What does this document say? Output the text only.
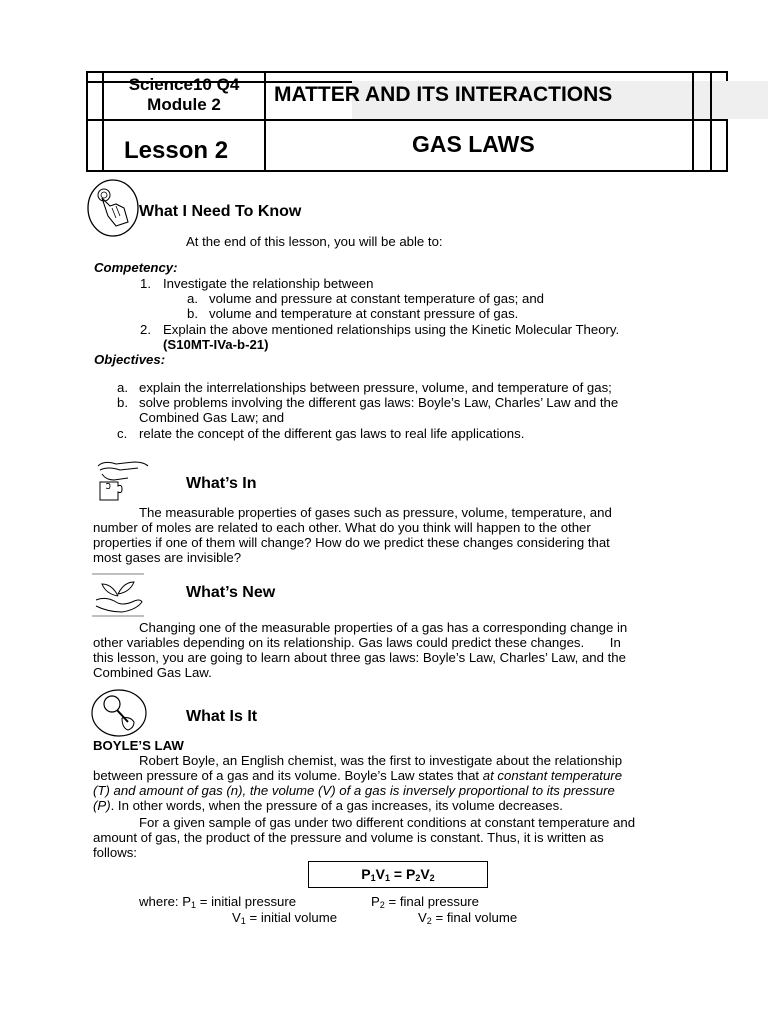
Science10 Q4
Module 2	MATTER AND ITS INTERACTIONS
Lesson 2	GAS LAWS
What I Need To Know
At the end of this lesson, you will be able to:
Competency:
1. Investigate the relationship between
a. volume and pressure at constant temperature of gas; and
b. volume and temperature at constant pressure of gas.
2. Explain the above mentioned relationships using the Kinetic Molecular Theory.
(S10MT-IVa-b-21)
Objectives:
a. explain the interrelationships between pressure, volume, and temperature of gas;
b. solve problems involving the different gas laws: Boyle’s Law, Charles’ Law and the
Combined Gas Law; and
c. relate the concept of the different gas laws to real life applications.
What’s In
The measurable properties of gases such as pressure, volume, temperature, and
number of moles are related to each other. What do you think will happen to the other
properties if one of them will change? How do we predict these changes considering that
most gases are invisible?
What’s New
Changing one of the measurable properties of a gas has a corresponding change in
other variables depending on its relationship. Gas laws could predict these changes.       In
this lesson, you are going to learn about three gas laws: Boyle’s Law, Charles’ Law, and the
Combined Gas Law.
What Is It
BOYLE’S LAW
Robert Boyle, an English chemist, was the first to investigate about the relationship
between pressure of a gas and its volume. Boyle’s Law states that at constant temperature
(T) and amount of gas (n), the volume (V) of a gas is inversely proportional to its pressure
(P). In other words, when the pressure of a gas increases, its volume decreases.
For a given sample of gas under two different conditions at constant temperature and
amount of gas, the product of the pressure and volume is constant. Thus, it is written as
follows:
$P_1V_1 = P_2V_2$
where: $P_1$ = initial pressure	$P_2$ = final pressure
$V_1$ = initial volume	$V_2$ = final volume
